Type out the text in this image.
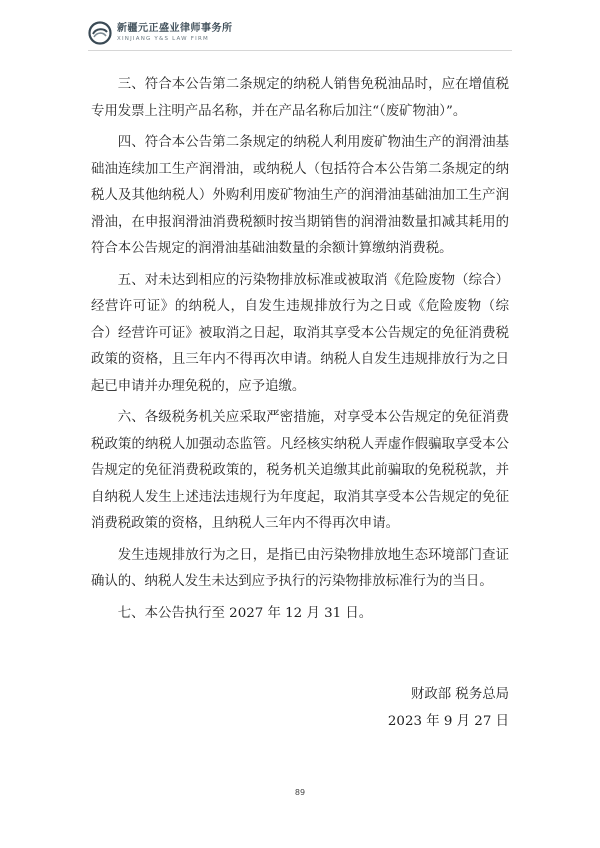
新疆元正盛业律师事务所
XINJIANG Y&S LAW FIRM

三、符合本公告第二条规定的纳税人销售免税油品时，应在增值税专用发票上注明产品名称，并在产品名称后加注“（废矿物油）”。

四、符合本公告第二条规定的纳税人利用废矿物油生产的润滑油基础油连续加工生产润滑油，或纳税人（包括符合本公告第二条规定的纳税人及其他纳税人）外购利用废矿物油生产的润滑油基础油加工生产润滑油，在申报润滑油消费税额时按当期销售的润滑油数量扣减其耗用的符合本公告规定的润滑油基础油数量的余额计算缴纳消费税。

五、对未达到相应的污染物排放标准或被取消《危险废物（综合）经营许可证》的纳税人，自发生违规排放行为之日或《危险废物（综合）经营许可证》被取消之日起，取消其享受本公告规定的免征消费税政策的资格，且三年内不得再次申请。纳税人自发生违规排放行为之日起已申请并办理免税的，应予追缴。

六、各级税务机关应采取严密措施，对享受本公告规定的免征消费税政策的纳税人加强动态监管。凡经核实纳税人弄虚作假骗取享受本公告规定的免征消费税政策的，税务机关追缴其此前骗取的免税税款，并自纳税人发生上述违法违规行为年度起，取消其享受本公告规定的免征消费税政策的资格，且纳税人三年内不得再次申请。

发生违规排放行为之日，是指已由污染物排放地生态环境部门查证确认的、纳税人发生未达到应予执行的污染物排放标准行为的当日。

七、本公告执行至 2027 年 12 月 31 日。

财政部 税务总局
2023 年 9 月 27 日
89
